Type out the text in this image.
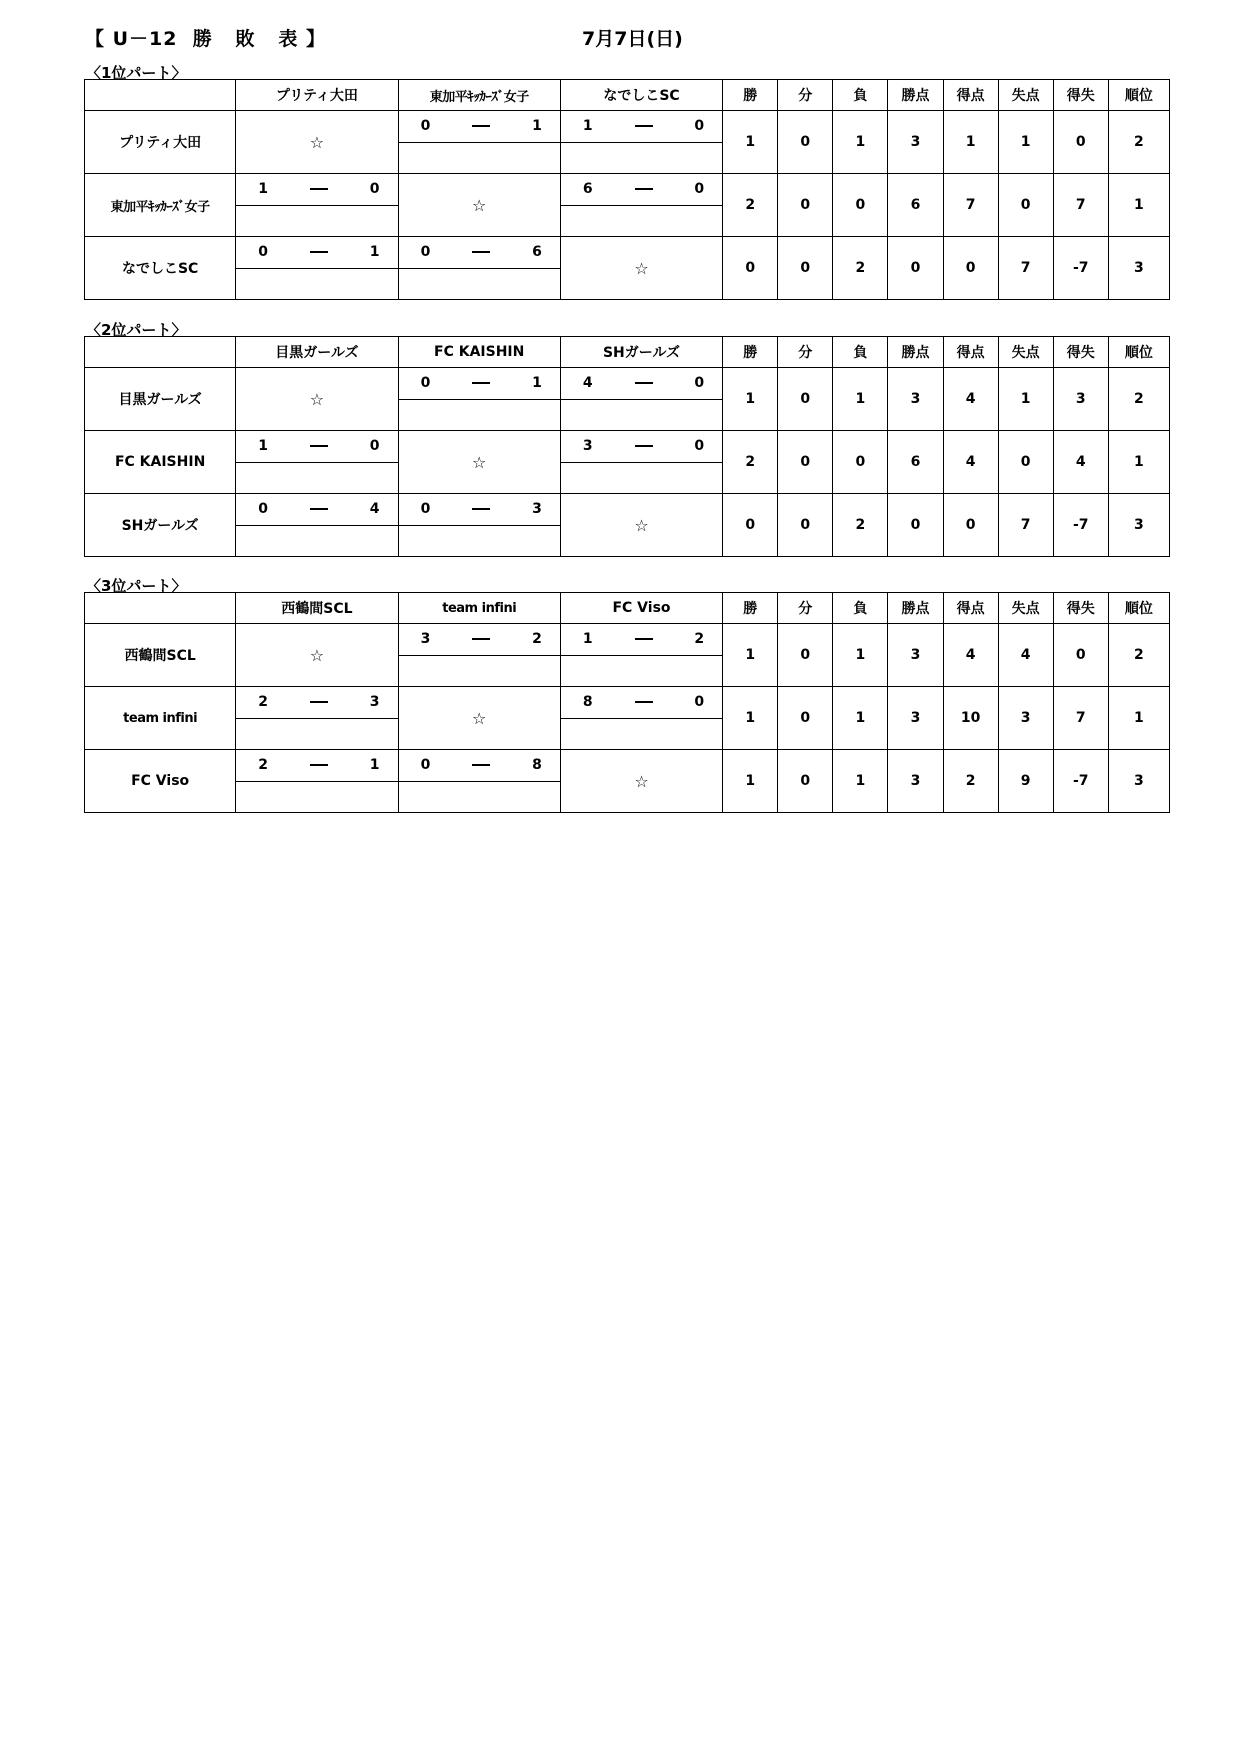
【 U－12  勝   敗   表 】	7月7日(日)
〈1位パート〉
	プリティ大田	東加平ｷｯｶｰｽﾞ女子	なでしこSC	勝	分	負	勝点	得点	失点	得失	順位
プリティ大田	☆	0 1	1 0	1	0	1	3	1	1	0	2
東加平ｷｯｶｰｽﾞ女子	1 0	☆	6 0	2	0	0	6	7	0	7	1
なでしこSC	0 1	0 6	☆	0	0	2	0	0	7	-7	3
〈2位パート〉
	目黒ガールズ	FC KAISHIN	SHガールズ	勝	分	負	勝点	得点	失点	得失	順位
目黒ガールズ	☆	0 1	4 0	1	0	1	3	4	1	3	2
FC KAISHIN	1 0	☆	3 0	2	0	0	6	4	0	4	1
SHガールズ	0 4	0 3	☆	0	0	2	0	0	7	-7	3
〈3位パート〉
	西鶴間SCL	team infini	FC Viso	勝	分	負	勝点	得点	失点	得失	順位
西鶴間SCL	☆	3 2	1 2	1	0	1	3	4	4	0	2
team infini	2 3	☆	8 0	1	0	1	3	10	3	7	1
FC Viso	2 1	0 8	☆	1	0	1	3	2	9	-7	3
